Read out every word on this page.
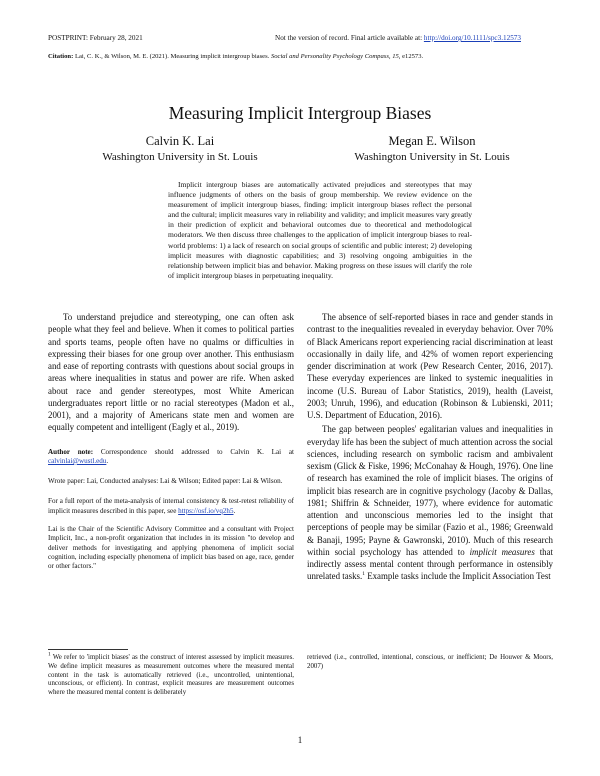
POSTPRINT: February 28, 2021	Not the version of record. Final article available at: http://doi.org/10.1111/spc3.12573
Citation: Lai, C. K., & Wilson, M. E. (2021). Measuring implicit intergroup biases. Social and Personality Psychology Compass, 15, e12573.
Measuring Implicit Intergroup Biases
Calvin K. Lai
Washington University in St. Louis
Megan E. Wilson
Washington University in St. Louis
Implicit intergroup biases are automatically activated prejudices and stereotypes that may influence judgments of others on the basis of group membership. We review evidence on the measurement of implicit intergroup biases, finding: implicit intergroup biases reflect the personal and the cultural; implicit measures vary in reliability and validity; and implicit measures vary greatly in their prediction of explicit and behavioral outcomes due to theoretical and methodological moderators. We then discuss three challenges to the application of implicit intergroup biases to real-world problems: 1) a lack of research on social groups of scientific and public interest; 2) developing implicit measures with diagnostic capabilities; and 3) resolving ongoing ambiguities in the relationship between implicit bias and behavior. Making progress on these issues will clarify the role of implicit intergroup biases in perpetuating inequality.

To understand prejudice and stereotyping, one can often ask people what they feel and believe. When it comes to political parties and sports teams, people often have no qualms or difficulties in expressing their biases for one group over another. This enthusiasm and ease of reporting contrasts with questions about social groups in areas where inequalities in status and power are rife. When asked about race and gender stereotypes, most White American undergraduates report little or no racial stereotypes (Madon et al., 2001), and a majority of Americans state men and women are equally competent and intelligent (Eagly et al., 2019).

Author note: Correspondence should addressed to Calvin K. Lai at calvinlai@wustl.edu.

Wrote paper: Lai, Conducted analyses: Lai & Wilson; Edited paper: Lai & Wilson.

For a full report of the meta-analysis of internal consistency & test-retest reliability of implicit measures described in this paper, see https://osf.io/vq2h5.

Lai is the Chair of the Scientific Advisory Committee and a consultant with Project Implicit, Inc., a non-profit organization that includes in its mission "to develop and deliver methods for investigating and applying phenomena of implicit social cognition, including especially phenomena of implicit bias based on age, race, gender or other factors."

The absence of self-reported biases in race and gender stands in contrast to the inequalities revealed in everyday behavior. Over 70% of Black Americans report experiencing racial discrimination at least occasionally in daily life, and 42% of women report experiencing gender discrimination at work (Pew Research Center, 2016, 2017). These everyday experiences are linked to systemic inequalities in income (U.S. Bureau of Labor Statistics, 2019), health (Laveist, 2003; Unruh, 1996), and education (Robinson & Lubienski, 2011; U.S. Department of Education, 2016).

The gap between peoples' egalitarian values and inequalities in everyday life has been the subject of much attention across the social sciences, including research on symbolic racism and ambivalent sexism (Glick & Fiske, 1996; McConahay & Hough, 1976). One line of research has examined the role of implicit biases. The origins of implicit bias research are in cognitive psychology (Jacoby & Dallas, 1981; Shiffrin & Schneider, 1977), where evidence for automatic attention and unconscious memories led to the insight that perceptions of people may be similar (Fazio et al., 1986; Greenwald & Banaji, 1995; Payne & Gawronski, 2010). Much of this research within social psychology has attended to implicit measures that indirectly assess mental content through performance in ostensibly unrelated tasks.$^1$ Example tasks include the Implicit Association Test

$^1$ We refer to 'implicit biases' as the construct of interest assessed by implicit measures. We define implicit measures as measurement outcomes where the measured mental content in the task is automatically retrieved (i.e., uncontrolled, unintentional, unconscious, or efficient). In contrast, explicit measures are measurement outcomes where the measured mental content is deliberately
retrieved (i.e., controlled, intentional, conscious, or inefficient; De Houwer & Moors, 2007)
1
